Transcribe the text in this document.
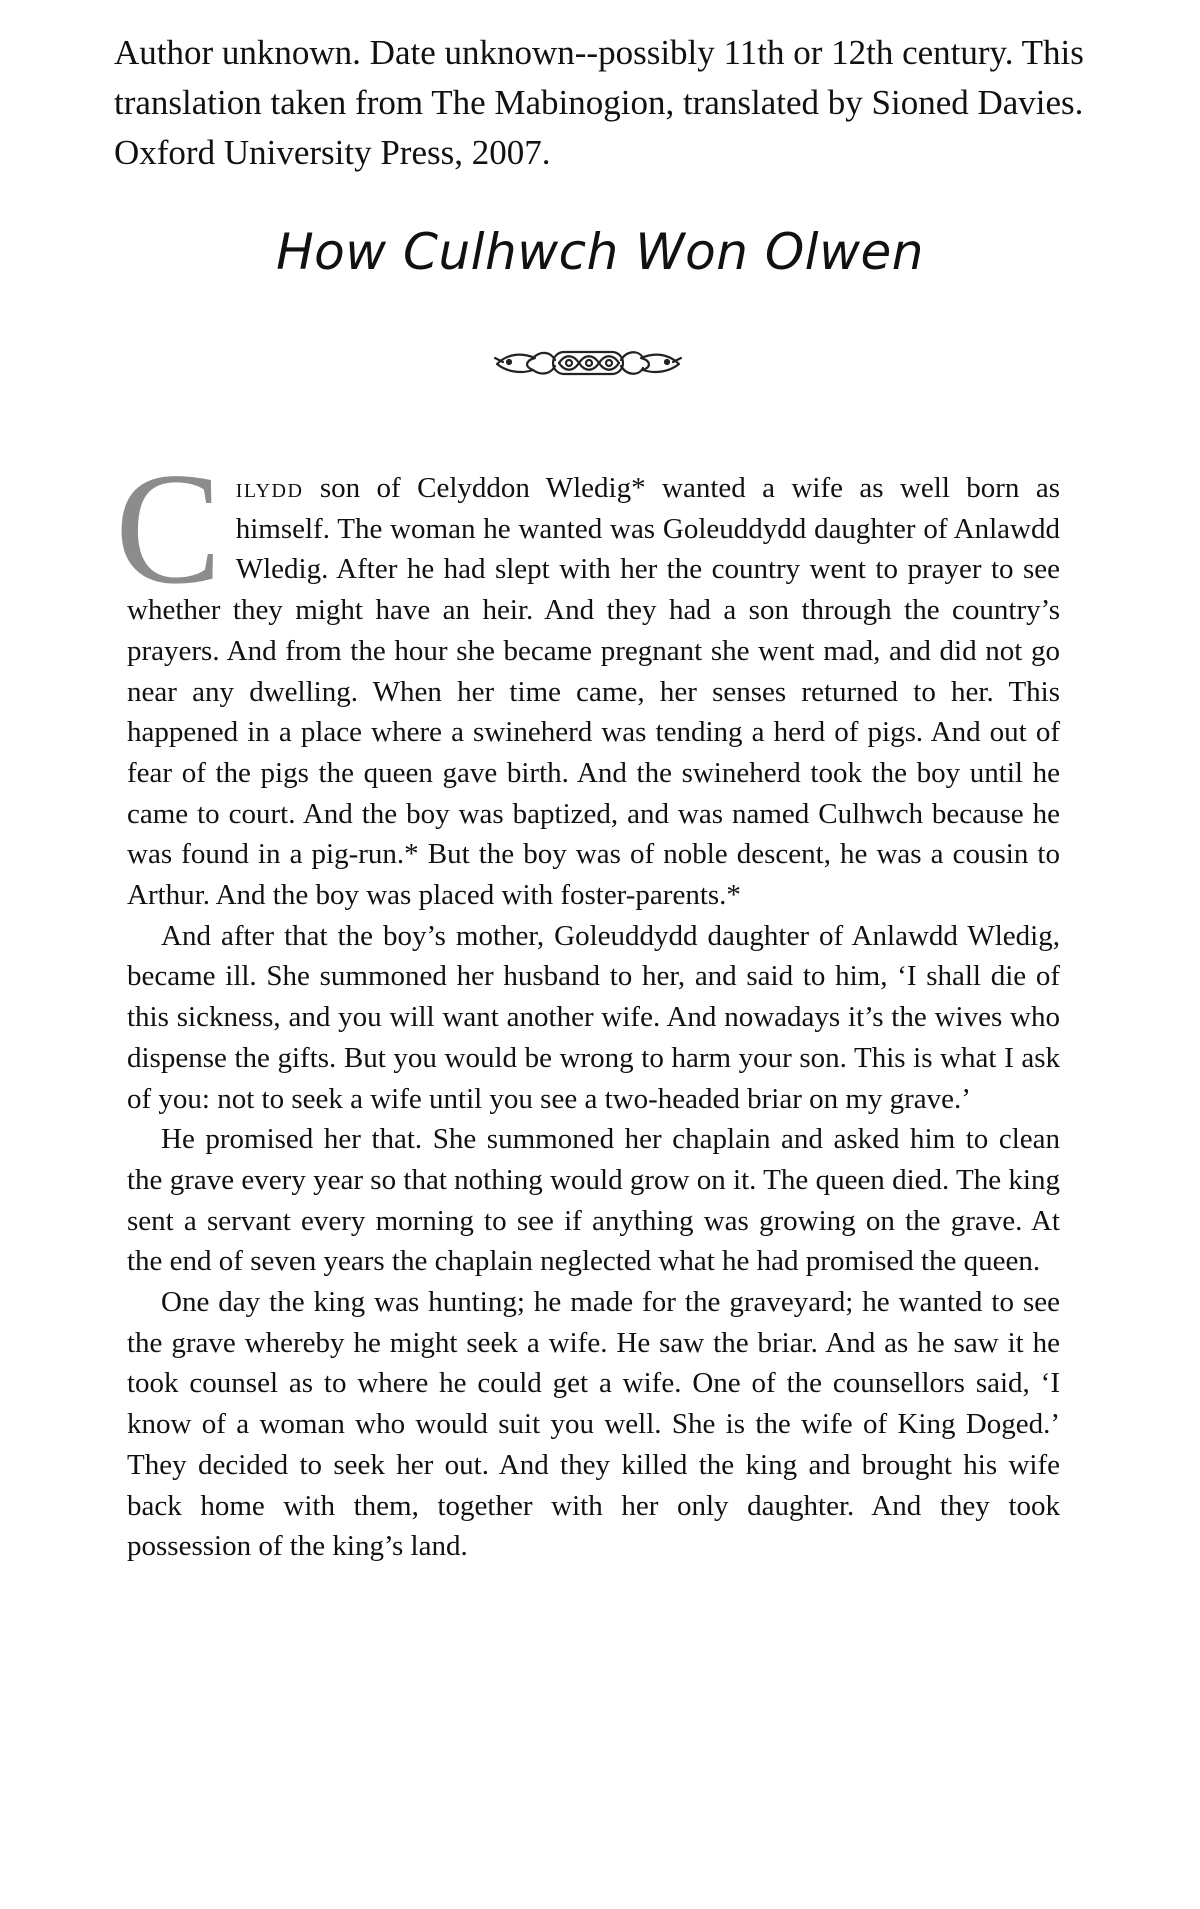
Author unknown. Date unknown--possibly 11th or 12th century. This translation taken from The Mabinogion, translated by Sioned Davies. Oxford University Press, 2007.
How Culhwch Won Olwen

Cilydd son of Celyddon Wledig* wanted a wife as well born as himself. The woman he wanted was Goleuddydd daughter of Anlawdd Wledig. After he had slept with her the country went to prayer to see whether they might have an heir. And they had a son through the country’s prayers. And from the hour she became pregnant she went mad, and did not go near any dwelling. When her time came, her senses returned to her. This happened in a place where a swineherd was tending a herd of pigs. And out of fear of the pigs the queen gave birth. And the swineherd took the boy until he came to court. And the boy was baptized, and was named Culhwch because he was found in a pig-run.* But the boy was of noble descent, he was a cousin to Arthur. And the boy was placed with foster-parents.*

And after that the boy’s mother, Goleuddydd daughter of Anlawdd Wledig, became ill. She summoned her husband to her, and said to him, ‘I shall die of this sickness, and you will want another wife. And nowadays it’s the wives who dispense the gifts. But you would be wrong to harm your son. This is what I ask of you: not to seek a wife until you see a two-headed briar on my grave.’

He promised her that. She summoned her chaplain and asked him to clean the grave every year so that nothing would grow on it. The queen died. The king sent a servant every morning to see if anything was growing on the grave. At the end of seven years the chaplain neglected what he had promised the queen.

One day the king was hunting; he made for the graveyard; he wanted to see the grave whereby he might seek a wife. He saw the briar. And as he saw it he took counsel as to where he could get a wife. One of the counsellors said, ‘I know of a woman who would suit you well. She is the wife of King Doged.’ They decided to seek her out. And they killed the king and brought his wife back home with them, together with her only daughter. And they took possession of the king’s land.
